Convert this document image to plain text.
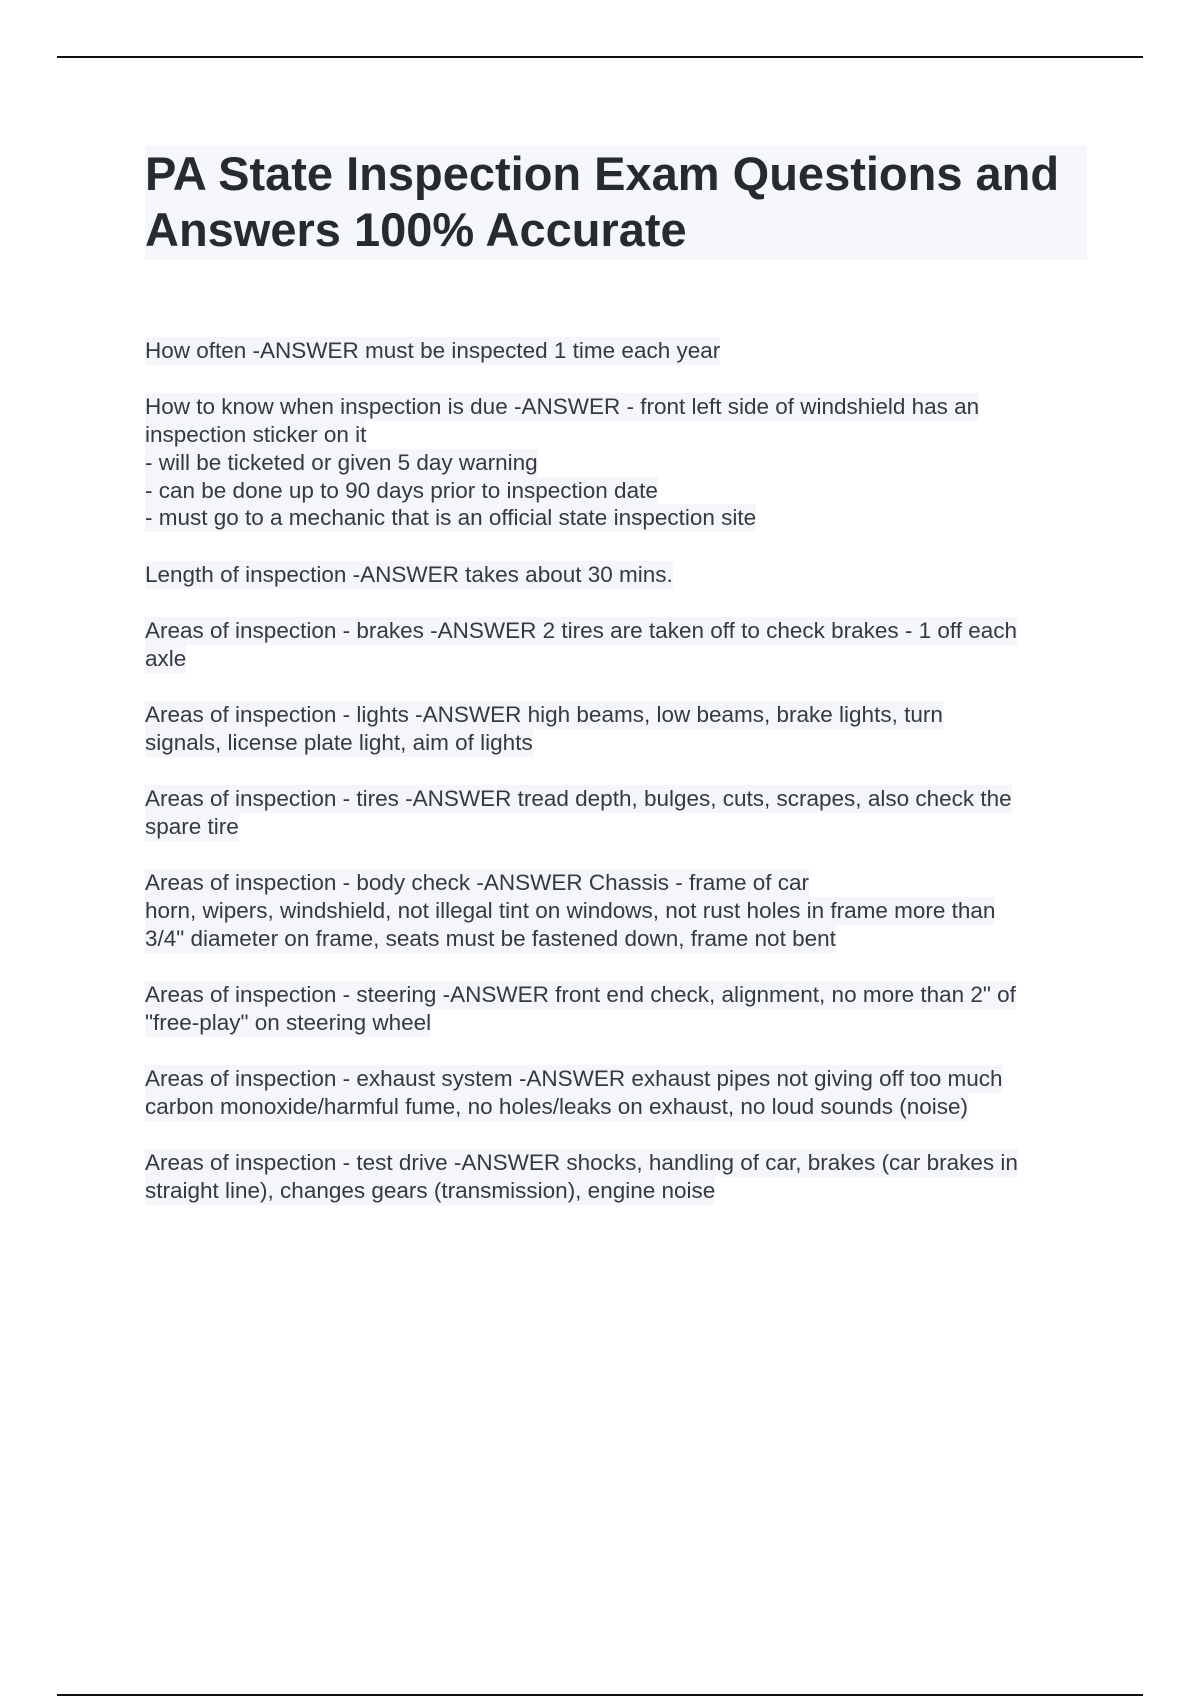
PA State Inspection Exam Questions and
Answers 100% Accurate
How often -ANSWER must be inspected 1 time each year
How to know when inspection is due -ANSWER - front left side of windshield has an
inspection sticker on it
- will be ticketed or given 5 day warning
- can be done up to 90 days prior to inspection date
- must go to a mechanic that is an official state inspection site
Length of inspection -ANSWER takes about 30 mins.
Areas of inspection - brakes -ANSWER 2 tires are taken off to check brakes - 1 off each
axle
Areas of inspection - lights -ANSWER high beams, low beams, brake lights, turn
signals, license plate light, aim of lights
Areas of inspection - tires -ANSWER tread depth, bulges, cuts, scrapes, also check the
spare tire
Areas of inspection - body check -ANSWER Chassis - frame of car
horn, wipers, windshield, not illegal tint on windows, not rust holes in frame more than
3/4" diameter on frame, seats must be fastened down, frame not bent
Areas of inspection - steering -ANSWER front end check, alignment, no more than 2" of
"free-play" on steering wheel
Areas of inspection - exhaust system -ANSWER exhaust pipes not giving off too much
carbon monoxide/harmful fume, no holes/leaks on exhaust, no loud sounds (noise)
Areas of inspection - test drive -ANSWER shocks, handling of car, brakes (car brakes in
straight line), changes gears (transmission), engine noise
